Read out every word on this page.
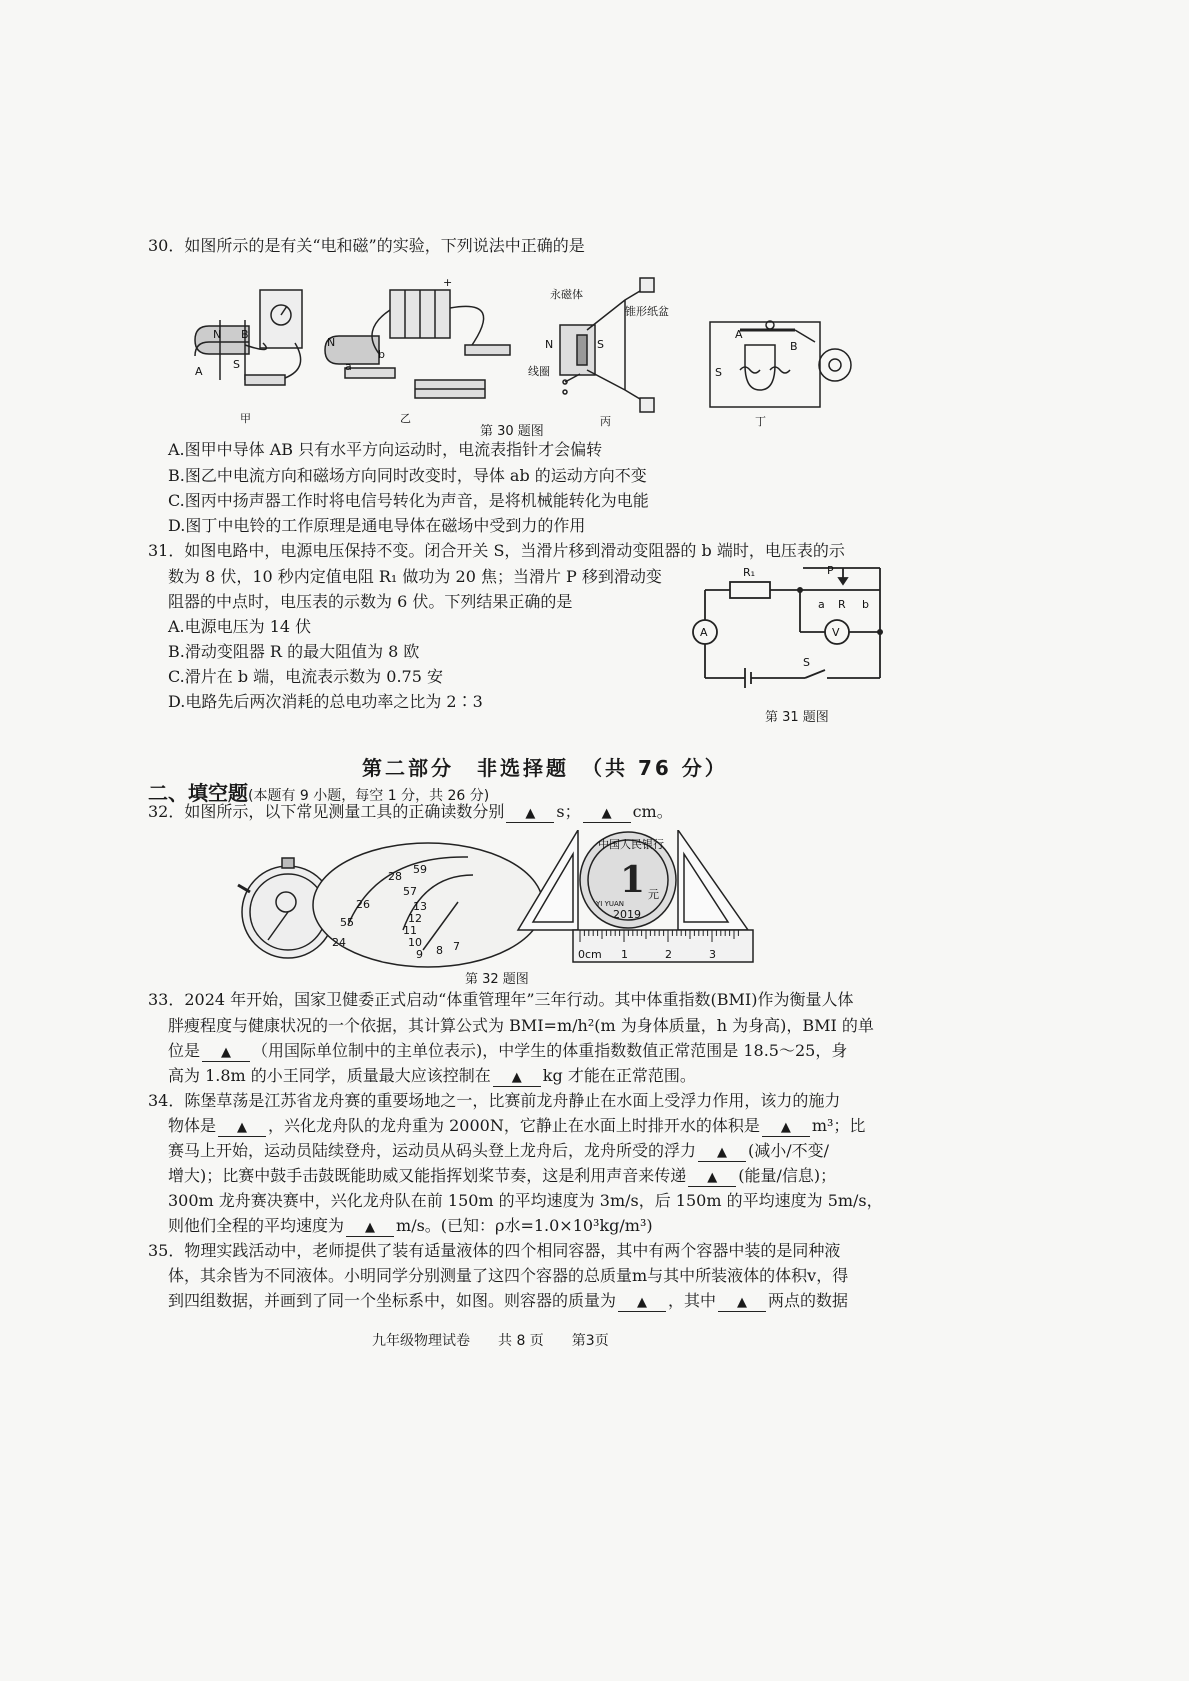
30．如图所示的是有关“电和磁”的实验，下列说法中正确的是
N
S
A
B
甲
+
N
a
b
乙
永磁体
锥形纸盆
N	S
线圈
丙
A
B
S
丁
第 30 题图
A.图甲中导体 AB 只有水平方向运动时，电流表指针才会偏转
B.图乙中电流方向和磁场方向同时改变时，导体 ab 的运动方向不变
C.图丙中扬声器工作时将电信号转化为声音，是将机械能转化为电能
D.图丁中电铃的工作原理是通电导体在磁场中受到力的作用
31．如图电路中，电源电压保持不变。闭合开关 S，当滑片移到滑动变阻器的 b 端时，电压表的示
数为 8 伏，10 秒内定值电阻 R₁ 做功为 20 焦；当滑片 P 移到滑动变
阻器的中点时，电压表的示数为 6 伏。下列结果正确的是
A.电源电压为 14 伏
B.滑动变阻器 R 的最大阻值为 8 欧
C.滑片在 b 端，电流表示数为 0.75 安
D.电路先后两次消耗的总电功率之比为 2∶3
R₁	P
a R b
A	V
S
第 31 题图
第二部分　非选择题　（共 76 分）
二、填空题(本题有 9 小题，每空 1 分，共 26 分)
32．如图所示，以下常见测量工具的正确读数分别 ▲ s； ▲ cm。
59
28
57
26	13
12
55
11
10
24
9 8 7
1
中国人民银行
元
2019
YI YUAN
0cm 1	2	3
第 32 题图
33．2024 年开始，国家卫健委正式启动“体重管理年”三年行动。其中体重指数(BMI)作为衡量人体
胖瘦程度与健康状况的一个依据，其计算公式为 BMI=m/h²(m 为身体质量，h 为身高)，BMI 的单
位是 ▲ （用国际单位制中的主单位表示)，中学生的体重指数数值正常范围是 18.5～25，身
高为 1.8m 的小王同学，质量最大应该控制在 ▲ kg 才能在正常范围。
34．陈堡草荡是江苏省龙舟赛的重要场地之一，比赛前龙舟静止在水面上受浮力作用，该力的施力
物体是 ▲ ，兴化龙舟队的龙舟重为 2000N，它静止在水面上时排开水的体积是 ▲ m³；比
赛马上开始，运动员陆续登舟，运动员从码头登上龙舟后，龙舟所受的浮力 ▲ (减小/不变/
增大)；比赛中鼓手击鼓既能助威又能指挥划桨节奏，这是利用声音来传递 ▲ (能量/信息)；
300m 龙舟赛决赛中，兴化龙舟队在前 150m 的平均速度为 3m/s，后 150m 的平均速度为 5m/s，
则他们全程的平均速度为 ▲ m/s。(已知：ρ水=1.0×10³kg/m³)
35．物理实践活动中，老师提供了装有适量液体的四个相同容器，其中有两个容器中装的是同种液
体，其余皆为不同液体。小明同学分别测量了这四个容器的总质量m与其中所装液体的体积v，得
到四组数据，并画到了同一个坐标系中，如图。则容器的质量为 ▲ ，其中 ▲ 两点的数据
九年级物理试卷　　共 8 页　　第3页
